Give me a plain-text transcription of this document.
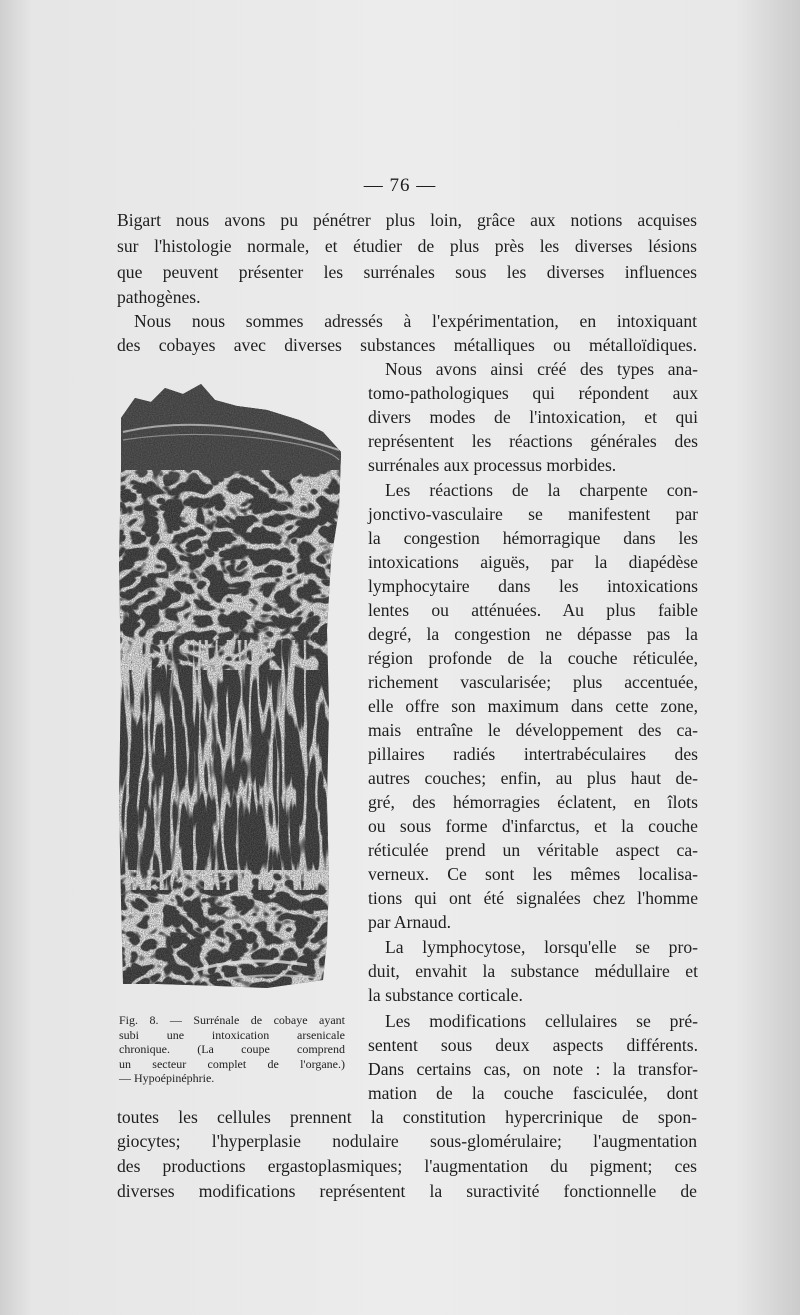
— 76 —
Bigart nous avons pu pénétrer plus loin, grâce aux notions acquises
sur l'histologie normale, et étudier de plus près les diverses lésions
que peuvent présenter les surrénales sous les diverses influences
pathogènes.
Nous nous sommes adressés à l'expérimentation, en intoxiquant
des cobayes avec diverses substances métalliques ou métalloïdiques.
Nous avons ainsi créé des types ana-
tomo-pathologiques qui répondent aux
divers modes de l'intoxication, et qui
représentent les réactions générales des
surrénales aux processus morbides.
Les réactions de la charpente con-
jonctivo-vasculaire se manifestent par
la congestion hémorragique dans les
intoxications aiguës, par la diapédèse
lymphocytaire dans les intoxications
lentes ou atténuées. Au plus faible
degré, la congestion ne dépasse pas la
région profonde de la couche réticulée,
richement vascularisée; plus accentuée,
elle offre son maximum dans cette zone,
mais entraîne le développement des ca-
pillaires radiés intertrabéculaires des
autres couches; enfin, au plus haut de-
gré, des hémorragies éclatent, en îlots
ou sous forme d'infarctus, et la couche
réticulée prend un véritable aspect ca-
verneux. Ce sont les mêmes localisa-
tions qui ont été signalées chez l'homme
par Arnaud.
La lymphocytose, lorsqu'elle se pro-
duit, envahit la substance médullaire et
la substance corticale.
Les modifications cellulaires se pré-
sentent sous deux aspects différents.
Dans certains cas, on note : la transfor-
mation de la couche fasciculée, dont
Fig. 8. — Surrénale de cobaye ayant
subi une intoxication arsenicale
chronique. (La coupe comprend
un secteur complet de l'organe.)
— Hypoépinéphrie.
toutes les cellules prennent la constitution hypercrinique de spon-
giocytes; l'hyperplasie nodulaire sous-glomérulaire; l'augmentation
des productions ergastoplasmiques; l'augmentation du pigment; ces
diverses modifications représentent la suractivité fonctionnelle de
